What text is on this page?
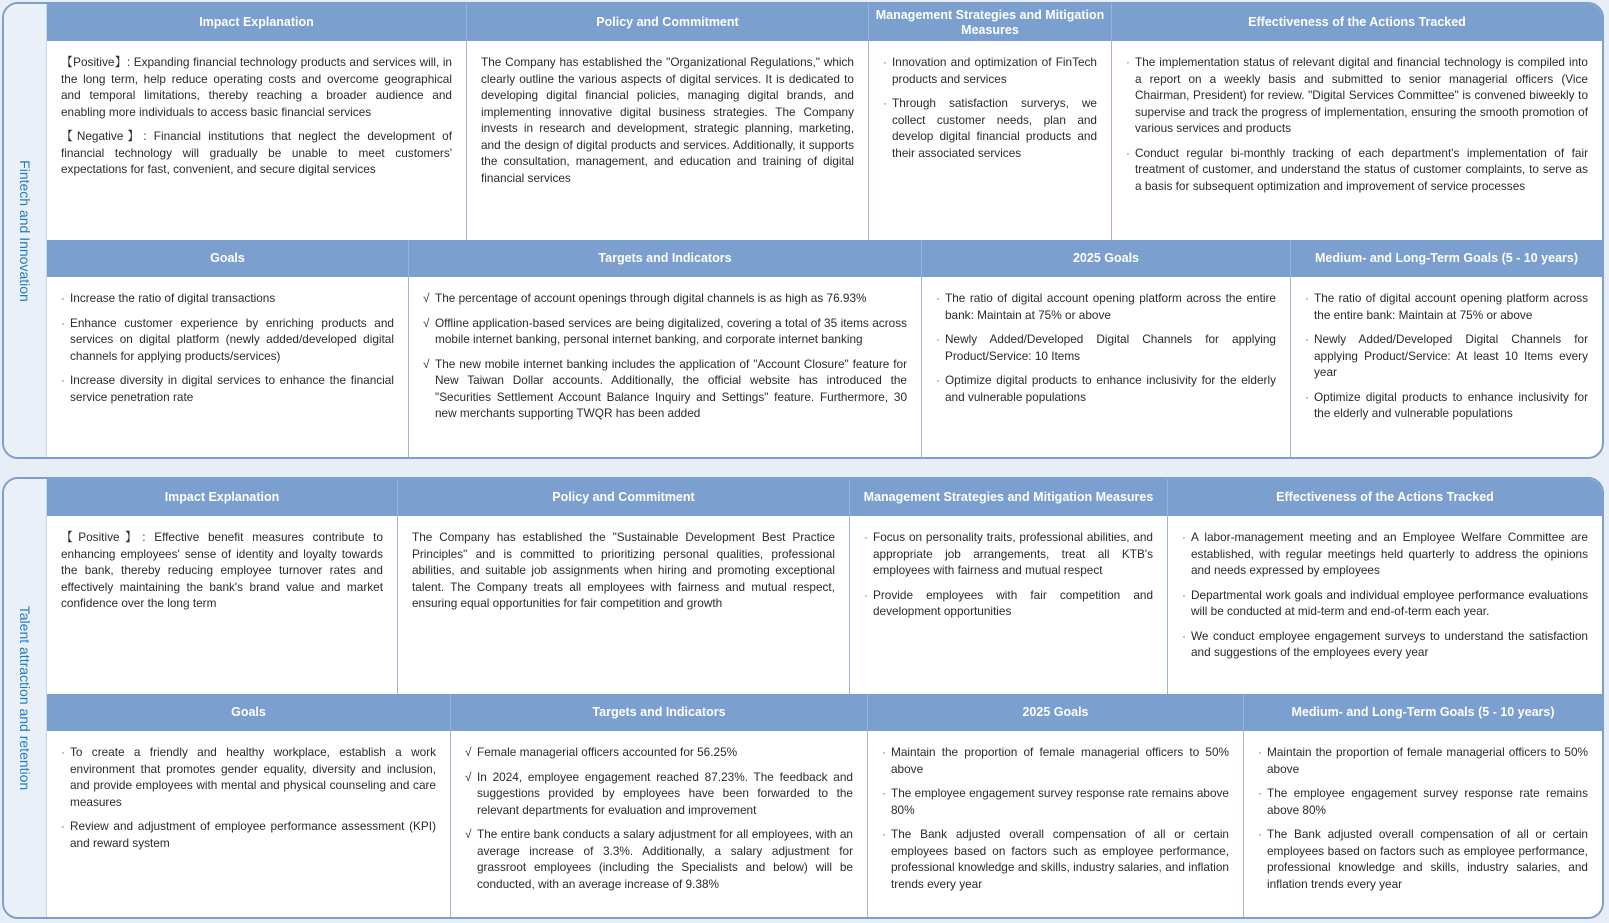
Fintech and Innovation
Impact Explanation

【Positive】: Expanding financial technology products and services will, in the long term, help reduce operating costs and overcome geographical and temporal limitations, thereby reaching a broader audience and enabling more individuals to access basic financial services

【Negative】: Financial institutions that neglect the development of financial technology will gradually be unable to meet customers' expectations for fast, convenient, and secure digital services

Policy and Commitment

The Company has established the "Organizational Regulations," which clearly outline the various aspects of digital services. It is dedicated to developing digital financial policies, managing digital brands, and implementing innovative digital business strategies. The Company invests in research and development, strategic planning, marketing, and the design of digital products and services. Additionally, it supports the consultation, management, and education and training of digital financial services

Management Strategies and Mitigation Measures
· Innovation and optimization of FinTech products and services
· Through satisfaction surverys, we collect customer needs, plan and develop digital financial products and their associated services
Effectiveness of the Actions Tracked
· The implementation status of relevant digital and financial technology is compiled into a report on a weekly basis and submitted to senior managerial officers (Vice Chairman, President) for review. "Digital Services Committee" is convened biweekly to supervise and track the progress of implementation, ensuring the smooth promotion of various services and products
· Conduct regular bi-monthly tracking of each department's implementation of fair treatment of customer, and understand the status of customer complaints, to serve as a basis for subsequent optimization and improvement of service processes
Goals
· Increase the ratio of digital transactions
· Enhance customer experience by enriching products and services on digital platform (newly added/developed digital channels for applying products/services)
· Increase diversity in digital services to enhance the financial service penetration rate
Targets and Indicators
√ The percentage of account openings through digital channels is as high as 76.93%
√ Offline application-based services are being digitalized, covering a total of 35 items across mobile internet banking, personal internet banking, and corporate internet banking
√ The new mobile internet banking includes the application of "Account Closure" feature for New Taiwan Dollar accounts. Additionally, the official website has introduced the "Securities Settlement Account Balance Inquiry and Settings" feature. Furthermore, 30 new merchants supporting TWQR has been added
2025 Goals
· The ratio of digital account opening platform across the entire bank: Maintain at 75% or above
· Newly Added/Developed Digital Channels for applying Product/Service: 10 Items
· Optimize digital products to enhance inclusivity for the elderly and vulnerable populations
Medium- and Long-Term Goals (5 - 10 years)
· The ratio of digital account opening platform across the entire bank: Maintain at 75% or above
· Newly Added/Developed Digital Channels for applying Product/Service: At least 10 Items every year
· Optimize digital products to enhance inclusivity for the elderly and vulnerable populations
Talent attraction and retention
Impact Explanation

【Positive】: Effective benefit measures contribute to enhancing employees' sense of identity and loyalty towards the bank, thereby reducing employee turnover rates and effectively maintaining the bank's brand value and market confidence over the long term

Policy and Commitment

The Company has established the "Sustainable Development Best Practice Principles" and is committed to prioritizing personal qualities, professional abilities, and suitable job assignments when hiring and promoting exceptional talent. The Company treats all employees with fairness and mutual respect, ensuring equal opportunities for fair competition and growth

Management Strategies and Mitigation Measures
· Focus on personality traits, professional abilities, and appropriate job arrangements, treat all KTB's employees with fairness and mutual respect
· Provide employees with fair competition and development opportunities
Effectiveness of the Actions Tracked
· A labor-management meeting and an Employee Welfare Committee are established, with regular meetings held quarterly to address the opinions and needs expressed by employees
· Departmental work goals and individual employee performance evaluations will be conducted at mid-term and end-of-term each year.
· We conduct employee engagement surveys to understand the satisfaction and suggestions of the employees every year
Goals
· To create a friendly and healthy workplace, establish a work environment that promotes gender equality, diversity and inclusion, and provide employees with mental and physical counseling and care measures
· Review and adjustment of employee performance assessment (KPI) and reward system
Targets and Indicators
√ Female managerial officers accounted for 56.25%
√ In 2024, employee engagement reached 87.23%. The feedback and suggestions provided by employees have been forwarded to the relevant departments for evaluation and improvement
√ The entire bank conducts a salary adjustment for all employees, with an average increase of 3.3%. Additionally, a salary adjustment for grassroot employees (including the Specialists and below) will be conducted, with an average increase of 9.38%
2025 Goals
· Maintain the proportion of female managerial officers to 50% above
· The employee engagement survey response rate remains above 80%
· The Bank adjusted overall compensation of all or certain employees based on factors such as employee performance, professional knowledge and skills, industry salaries, and inflation trends every year
Medium- and Long-Term Goals (5 - 10 years)
· Maintain the proportion of female managerial officers to 50% above
· The employee engagement survey response rate remains above 80%
· The Bank adjusted overall compensation of all or certain employees based on factors such as employee performance, professional knowledge and skills, industry salaries, and inflation trends every year
